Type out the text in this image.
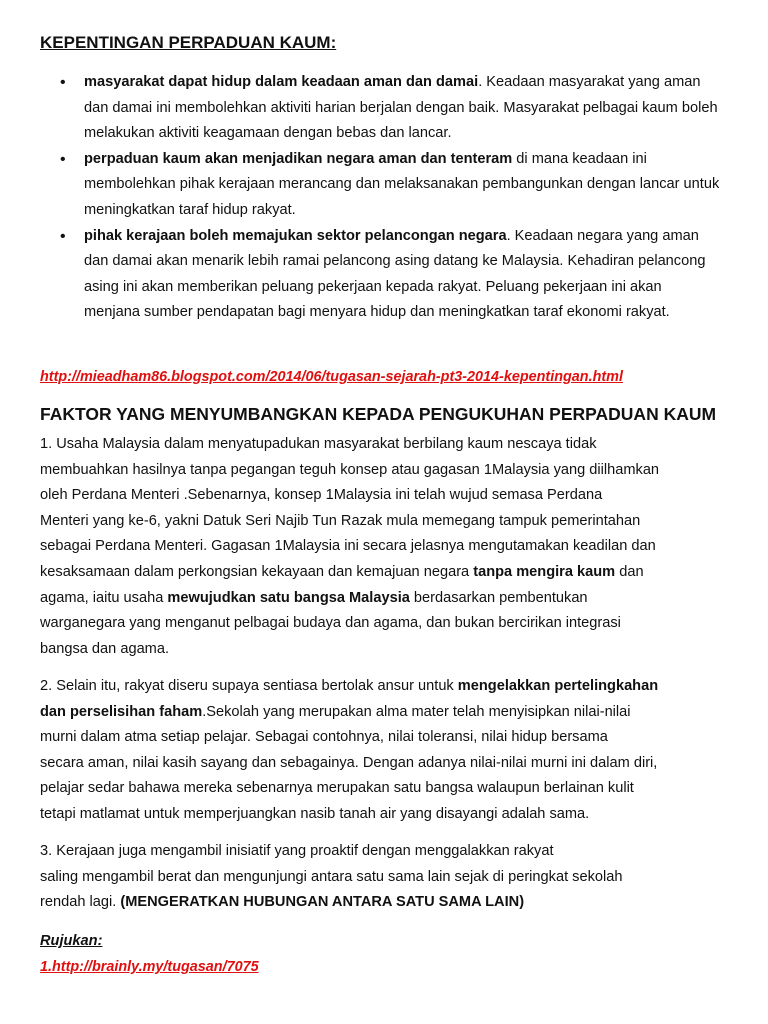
KEPENTINGAN PERPADUAN KAUM:
• masyarakat dapat hidup dalam keadaan aman dan damai. Keadaan masyarakat yang aman dan damai ini membolehkan aktiviti harian berjalan dengan baik. Masyarakat pelbagai kaum boleh melakukan aktiviti keagamaan dengan bebas dan lancar.
• perpaduan kaum akan menjadikan negara aman dan tenteram di mana keadaan ini membolehkan pihak kerajaan merancang dan melaksanakan pembangunkan dengan lancar untuk meningkatkan taraf hidup rakyat.
• pihak kerajaan boleh memajukan sektor pelancongan negara. Keadaan negara yang aman dan damai akan menarik lebih ramai pelancong asing datang ke Malaysia. Kehadiran pelancong asing ini akan memberikan peluang pekerjaan kepada rakyat. Peluang pekerjaan ini akan menjana sumber pendapatan bagi menyara hidup dan meningkatkan taraf ekonomi rakyat.
http://mieadham86.blogspot.com/2014/06/tugasan-sejarah-pt3-2014-kepentingan.html
FAKTOR YANG MENYUMBANGKAN KEPADA PENGUKUHAN PERPADUAN KAUM
1. Usaha Malaysia dalam menyatupadukan masyarakat berbilang kaum nescaya tidak
membuahkan hasilnya tanpa pegangan teguh konsep atau gagasan 1Malaysia yang diilhamkan
oleh Perdana Menteri .Sebenarnya, konsep 1Malaysia ini telah wujud semasa Perdana
Menteri yang ke-6, yakni Datuk Seri Najib Tun Razak mula memegang tampuk pemerintahan
sebagai Perdana Menteri. Gagasan 1Malaysia ini secara jelasnya mengutamakan keadilan dan
kesaksamaan dalam perkongsian kekayaan dan kemajuan negara tanpa mengira kaum dan
agama, iaitu usaha mewujudkan satu bangsa Malaysia berdasarkan pembentukan
warganegara yang menganut pelbagai budaya dan agama, dan bukan bercirikan integrasi
bangsa dan agama.
2. Selain itu, rakyat diseru supaya sentiasa bertolak ansur untuk mengelakkan pertelingkahan
dan perselisihan faham.Sekolah yang merupakan alma mater telah menyisipkan nilai-nilai
murni dalam atma setiap pelajar. Sebagai contohnya, nilai toleransi, nilai hidup bersama
secara aman, nilai kasih sayang dan sebagainya. Dengan adanya nilai-nilai murni ini dalam diri,
pelajar sedar bahawa mereka sebenarnya merupakan satu bangsa walaupun berlainan kulit
tetapi matlamat untuk memperjuangkan nasib tanah air yang disayangi adalah sama.
3. Kerajaan juga mengambil inisiatif yang proaktif dengan menggalakkan rakyat
saling mengambil berat dan mengunjungi antara satu sama lain sejak di peringkat sekolah
rendah lagi. (MENGERATKAN HUBUNGAN ANTARA SATU SAMA LAIN)
Rujukan:
1.http://brainly.my/tugasan/7075
